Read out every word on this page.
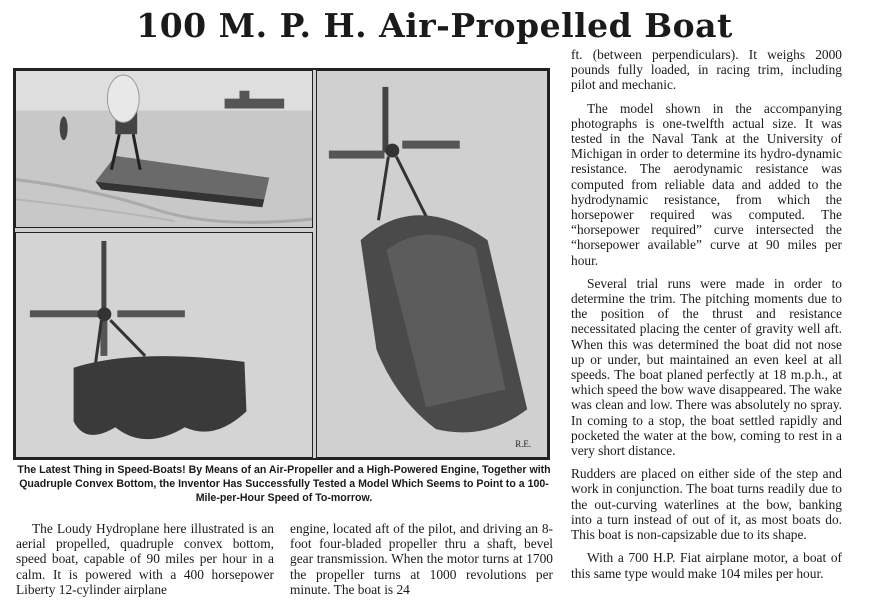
100 M. P. H. Air-Propelled Boat
R.E.
The Latest Thing in Speed-Boats! By Means of an Air-Propeller and a High-Powered Engine, Together with Quadruple Convex Bottom, the Inventor Has Successfully Tested a Model Which Seems to Point to a 100-Mile-per-Hour Speed of To-morrow.

The Loudy Hydroplane here illustrated is an aerial propelled, quadruple convex bottom, speed boat, capable of 90 miles per hour in a calm. It is powered with a 400 horsepower Liberty 12-cylinder airplane

engine, located aft of the pilot, and driving an 8-foot four-bladed propeller thru a shaft, bevel gear transmission. When the motor turns at 1700 the propeller turns at 1000 revolutions per minute. The boat is 24

ft. (between perpendiculars). It weighs 2000 pounds fully loaded, in racing trim, including pilot and mechanic.

The model shown in the accompanying photographs is one-twelfth actual size. It was tested in the Naval Tank at the University of Michigan in order to determine its hydro-dynamic resistance. The aerodynamic resistance was computed from reliable data and added to the hydrodynamic resistance, from which the horsepower required was computed. The “horsepower required” curve intersected the “horsepower available” curve at 90 miles per hour.

Several trial runs were made in order to determine the trim. The pitching moments due to the position of the thrust and resistance necessitated placing the center of gravity well aft. When this was determined the boat did not nose up or under, but maintained an even keel at all speeds. The boat planed perfectly at 18 m.p.h., at which speed the bow wave disappeared. The wake was clean and low. There was absolutely no spray. In coming to a stop, the boat settled rapidly and pocketed the water at the bow, coming to rest in a very short distance.

Rudders are placed on either side of the step and work in conjunction. The boat turns readily due to the out-curving waterlines at the bow, banking into a turn instead of out of it, as most boats do. This boat is non-capsizable due to its shape.

With a 700 H.P. Fiat airplane motor, a boat of this same type would make 104 miles per hour.
